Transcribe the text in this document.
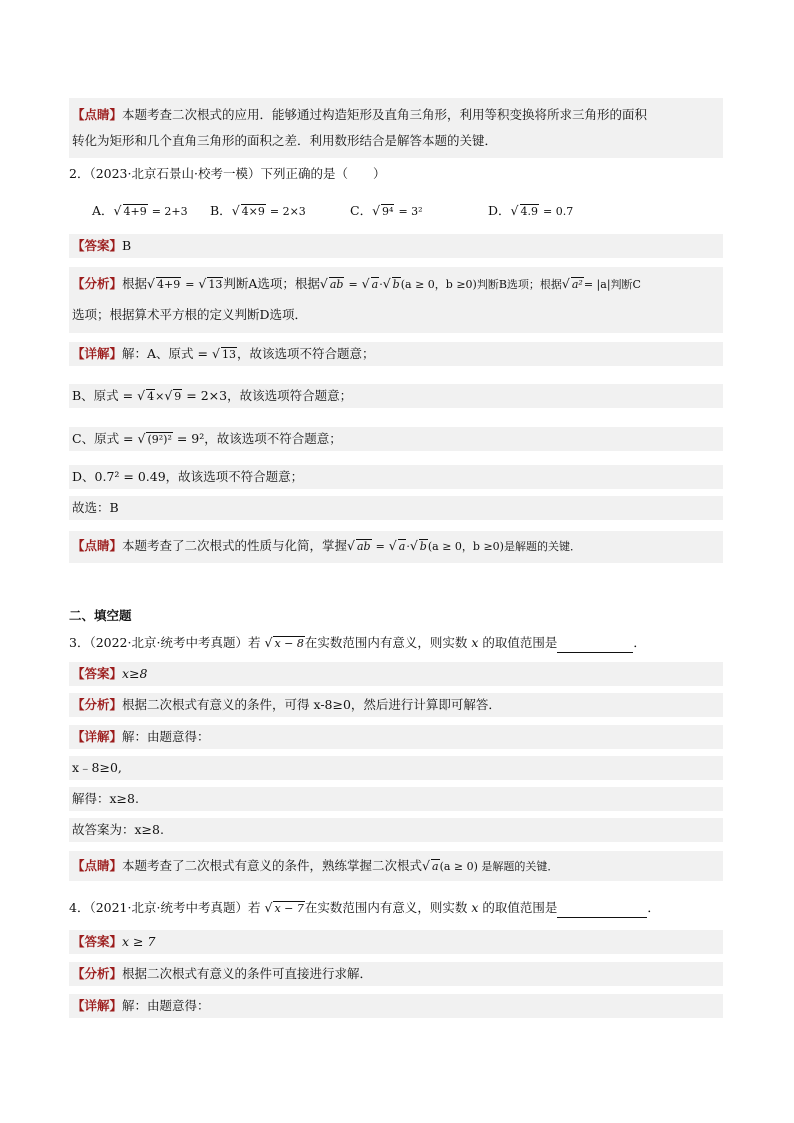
【点睛】本题考查二次根式的应用．能够通过构造矩形及直角三角形，利用等积变换将所求三角形的面积
转化为矩形和几个直角三角形的面积之差．利用数形结合是解答本题的关键．
2．（2023·北京石景山·校考一模）下列正确的是（　　）
A．√ 4+9 = 2+3 B．√ 4×9 = 2×3	C．√ 9⁴ = 3²	D．√ 4.9 = 0.7
【答案】B
【分析】根据√ 4+9 = √ 13判断A选项；根据√ ab = √ a·√ b(a ≥ 0，b ≥0)判断B选项；根据√ a²= |a|判断C
选项；根据算术平方根的定义判断D选项．
【详解】解：A、原式 = √ 13，故该选项不符合题意；
B、原式 = √ 4×√ 9 = 2×3，故该选项符合题意；
C、原式 = √ (9²)² = 9²，故该选项不符合题意；
D、0.7² = 0.49，故该选项不符合题意；
故选：B
【点睛】本题考查了二次根式的性质与化简，掌握√ ab = √ a·√ b(a ≥ 0，b ≥0)是解题的关键．
二、填空题
3．（2022·北京·统考中考真题）若 √ x − 8在实数范围内有意义，则实数 x 的取值范围是	．
【答案】x≥8
【分析】根据二次根式有意义的条件，可得 x-8≥0，然后进行计算即可解答．
【详解】解：由题意得：
x﹣8≥0,
解得：x≥8.
故答案为：x≥8.
【点睛】本题考查了二次根式有意义的条件，熟练掌握二次根式√ a(a ≥ 0) 是解题的关键．
4．（2021·北京·统考中考真题）若 √ x − 7在实数范围内有意义，则实数 x 的取值范围是	．
【答案】x ≥ 7
【分析】根据二次根式有意义的条件可直接进行求解．
【详解】解：由题意得：
